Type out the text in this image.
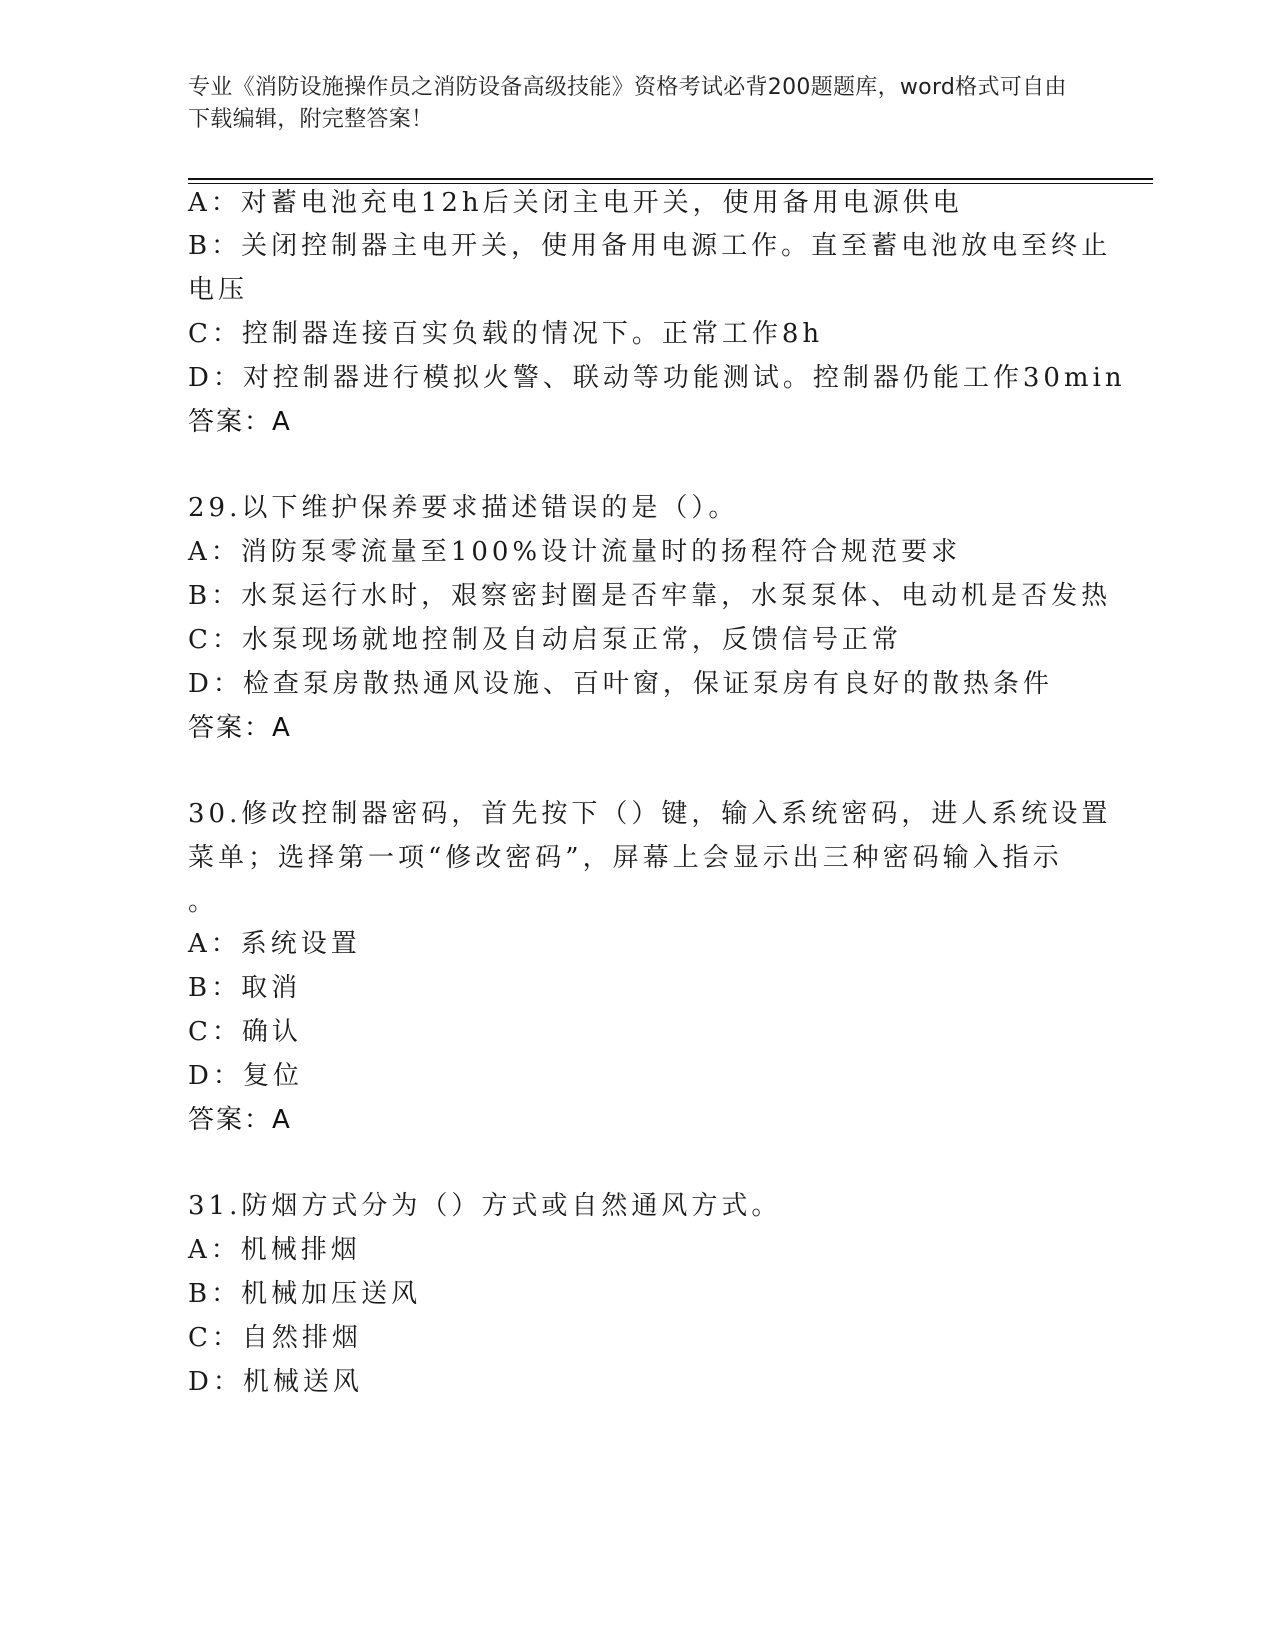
专业《消防设施操作员之消防设备高级技能》资格考试必背200题题库，word格式可自由下载编辑，附完整答案！
A：对蓄电池充电12h后关闭主电开关，使用备用电源供电
B：关闭控制器主电开关，使用备用电源工作。直至蓄电池放电至终止
电压
C：控制器连接百实负载的情况下。正常工作8h
D：对控制器进行模拟火警、联动等功能测试。控制器仍能工作30min
答案：A
29.以下维护保养要求描述错误的是（）。
A：消防泵零流量至100%设计流量时的扬程符合规范要求
B：水泵运行水时，艰察密封圈是否牢靠，水泵泵体、电动机是否发热
C：水泵现场就地控制及自动启泵正常，反馈信号正常
D：检查泵房散热通风设施、百叶窗，保证泵房有良好的散热条件
答案：A
30.修改控制器密码，首先按下（）键，输入系统密码，进人系统设置
菜单；选择第一项“修改密码”，屏幕上会显示出三种密码输入指示
。
A：系统设置
B：取消
C：确认
D：复位
答案：A
31.防烟方式分为（）方式或自然通风方式。
A：机械排烟
B：机械加压送风
C：自然排烟
D：机械送风
